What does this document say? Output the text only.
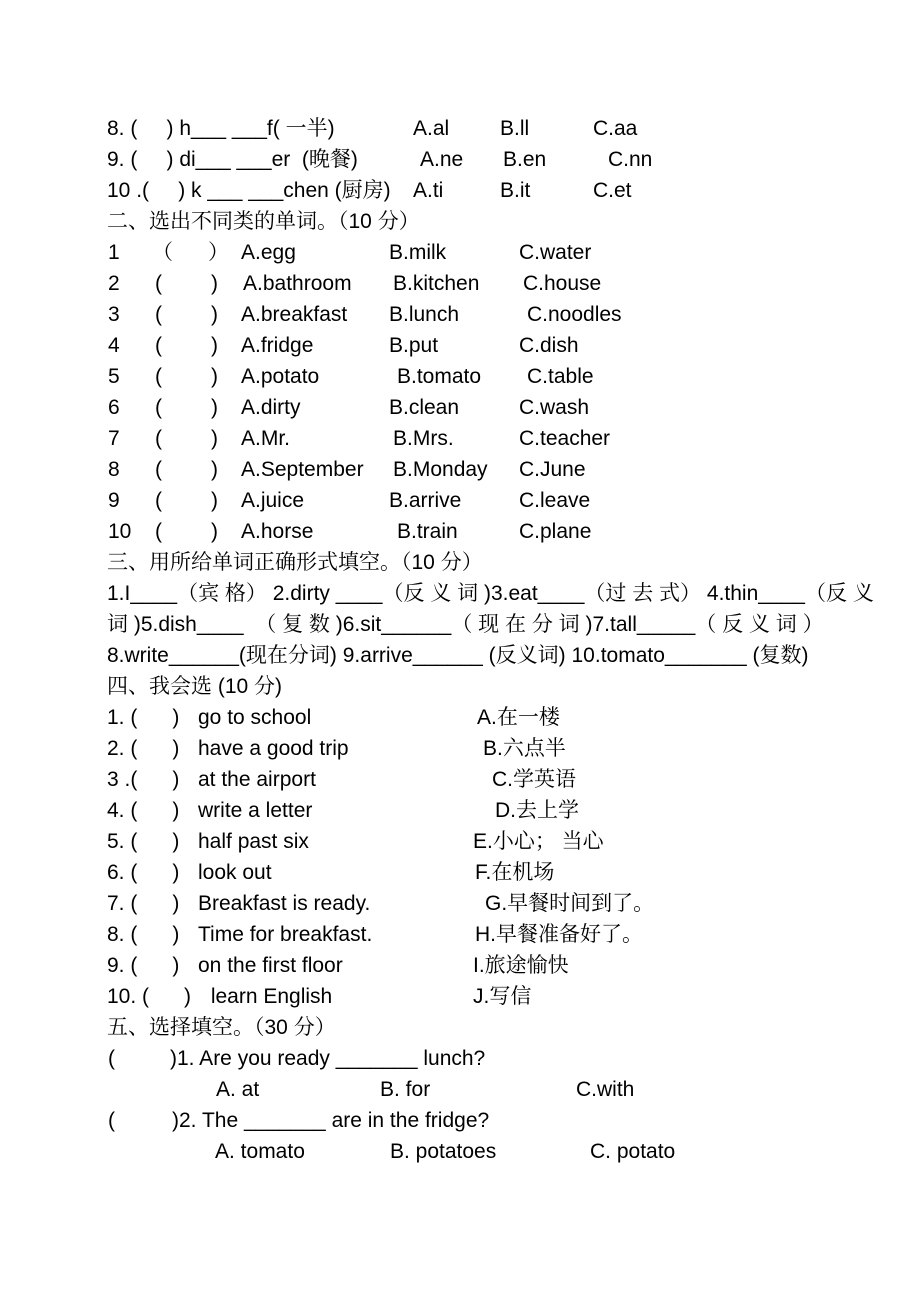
8. (     ) h___ ___f( 一半)	A.al B.ll	C.aa
9. (     ) di___ ___er  (晚餐)	A.ne B.en	C.nn
10 .(     ) k ___ ___chen (厨房) A.ti	B.it	C.et
二、选出不同类的单词。（10 分）
1 （ ） A.egg	B.milk	C.water
2 ( ) A.bathroom B.kitchen C.house
3 ( ) A.breakfast B.lunch	C.noodles
4 ( ) A.fridge	B.put	C.dish
5 ( ) A.potato	B.tomato C.table
6 ( ) A.dirty	B.clean	C.wash
7 ( ) A.Mr.	B.Mrs.	C.teacher
8 ( ) A.September B.Monday C.June
9 ( ) A.juice	B.arrive	C.leave
10 ( ) A.horse	B.train	C.plane
三、用所给单词正确形式填空。（10 分）
1.I____（宾 格） 2.dirty ____（反 义 词 )3.eat____（过 去 式） 4.thin____（反 义
词 )5.dish____  （ 复 数 )6.sit______（ 现 在 分 词 )7.tall_____（ 反 义 词 ）
8.write______(现在分词) 9.arrive______ (反义词) 10.tomato_______ (复数)
四、我会选 (10 分)
1. (      ) go to school	A.在一楼
2. (      ) have a good trip	B.六点半
3 .(      ) at the airport	C.学英语
4. (      ) write a letter	D.去上学
5. (      ) half past six	E.小心； 当心
6. (      ) look out	F.在机场
7. (      ) Breakfast is ready.	G.早餐时间到了。
8. (      ) Time for breakfast.	H.早餐准备好了。
9. (      ) on the first floor	I.旅途愉快
10. (      ) learn English	J.写信
五、选择填空。（30 分）
(	)1. Are you ready _______ lunch?
A. at	B. for	C.with
(	)2. The _______ are in the fridge?
A. tomato	B. potatoes	C. potato
